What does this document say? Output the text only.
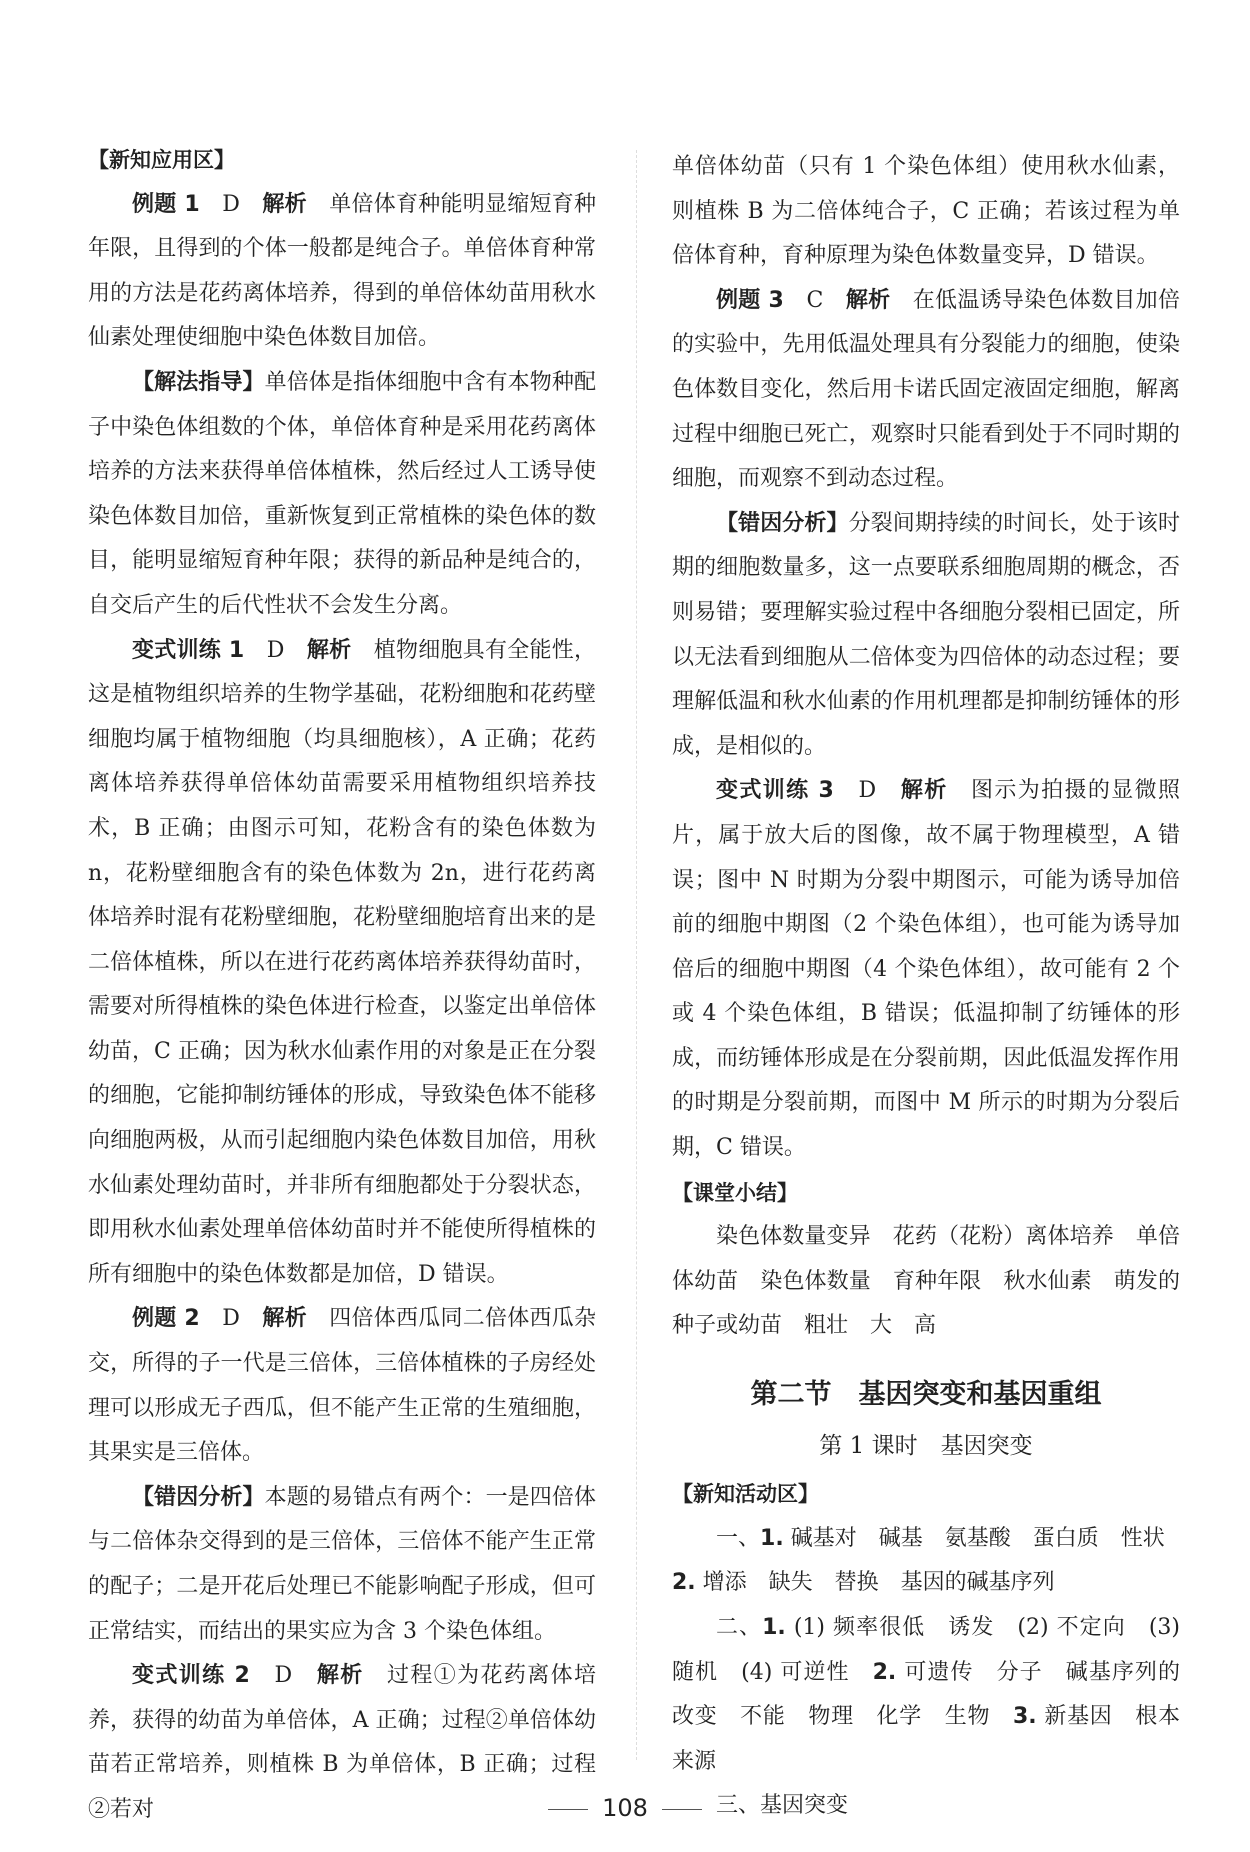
【新知应用区】

例题 1　 D　 解析　 单倍体育种能明显缩短育种年限，且得到的个体一般都是纯合子。单倍体育种常用的方法是花药离体培养，得到的单倍体幼苗用秋水仙素处理使细胞中染色体数目加倍。

【解法指导】单倍体是指体细胞中含有本物种配子中染色体组数的个体，单倍体育种是采用花药离体培养的方法来获得单倍体植株，然后经过人工诱导使染色体数目加倍，重新恢复到正常植株的染色体的数目，能明显缩短育种年限；获得的新品种是纯合的，自交后产生的后代性状不会发生分离。

变式训练 1　 D　 解析　 植物细胞具有全能性，这是植物组织培养的生物学基础，花粉细胞和花药壁细胞均属于植物细胞（均具细胞核），A 正确；花药离体培养获得单倍体幼苗需要采用植物组织培养技术，B 正确；由图示可知，花粉含有的染色体数为 n，花粉壁细胞含有的染色体数为 2n，进行花药离体培养时混有花粉壁细胞，花粉壁细胞培育出来的是二倍体植株，所以在进行花药离体培养获得幼苗时，需要对所得植株的染色体进行检查，以鉴定出单倍体幼苗，C 正确；因为秋水仙素作用的对象是正在分裂的细胞，它能抑制纺锤体的形成，导致染色体不能移向细胞两极，从而引起细胞内染色体数目加倍，用秋水仙素处理幼苗时，并非所有细胞都处于分裂状态，即用秋水仙素处理单倍体幼苗时并不能使所得植株的所有细胞中的染色体数都是加倍，D 错误。

例题 2　 D　 解析　 四倍体西瓜同二倍体西瓜杂交，所得的子一代是三倍体，三倍体植株的子房经处理可以形成无子西瓜，但不能产生正常的生殖细胞，其果实是三倍体。

【错因分析】本题的易错点有两个：一是四倍体与二倍体杂交得到的是三倍体，三倍体不能产生正常的配子；二是开花后处理已不能影响配子形成，但可正常结实，而结出的果实应为含 3 个染色体组。

变式训练 2　 D　 解析　 过程①为花药离体培养，获得的幼苗为单倍体，A 正确；过程②单倍体幼苗若正常培养，则植株 B 为单倍体，B 正确；过程②若对

单倍体幼苗（只有 1 个染色体组）使用秋水仙素，则植株 B 为二倍体纯合子，C 正确；若该过程为单倍体育种，育种原理为染色体数量变异，D 错误。

例题 3　 C　 解析　 在低温诱导染色体数目加倍的实验中，先用低温处理具有分裂能力的细胞，使染色体数目变化，然后用卡诺氏固定液固定细胞，解离过程中细胞已死亡，观察时只能看到处于不同时期的细胞，而观察不到动态过程。

【错因分析】分裂间期持续的时间长，处于该时期的细胞数量多，这一点要联系细胞周期的概念，否则易错；要理解实验过程中各细胞分裂相已固定，所以无法看到细胞从二倍体变为四倍体的动态过程；要理解低温和秋水仙素的作用机理都是抑制纺锤体的形成，是相似的。

变式训练 3　 D　 解析　 图示为拍摄的显微照片，属于放大后的图像，故不属于物理模型，A 错误；图中 N 时期为分裂中期图示，可能为诱导加倍前的细胞中期图（2 个染色体组），也可能为诱导加倍后的细胞中期图（4 个染色体组），故可能有 2 个或 4 个染色体组，B 错误；低温抑制了纺锤体的形成，而纺锤体形成是在分裂前期，因此低温发挥作用的时期是分裂前期，而图中 M 所示的时期为分裂后期，C 错误。

【课堂小结】

染色体数量变异　花药（花粉）离体培养　单倍体幼苗　染色体数量　育种年限　秋水仙素　萌发的种子或幼苗　粗壮　大　高

第二节　基因突变和基因重组

第 1 课时　基因突变

【新知活动区】

一、1. 碱基对　碱基　氨基酸　蛋白质　性状
2. 增添　缺失　替换　基因的碱基序列

二、1. (1) 频率很低　诱发　(2) 不定向　(3) 随机　(4) 可逆性　2. 可遗传　分子　碱基序列的改变　不能　物理　化学　生物　3. 新基因　根本来源

三、基因突变

108
